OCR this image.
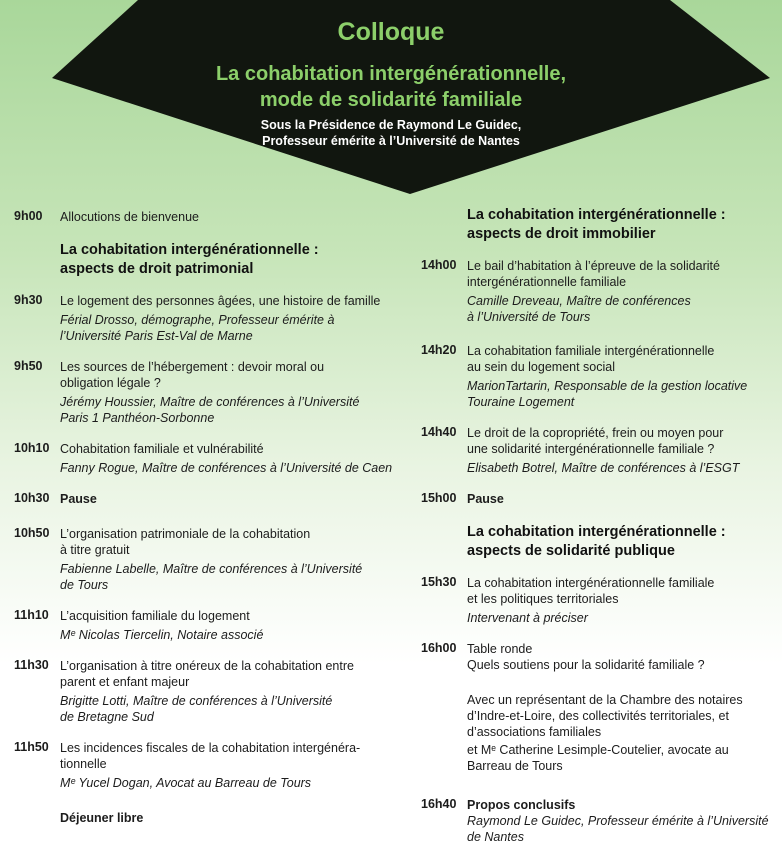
Colloque
La cohabitation intergénérationnelle,
mode de solidarité familiale
Sous la Présidence de Raymond Le Guidec,
Professeur émérite à l’Université de Nantes
9h00 Allocutions de bienvenue
La cohabitation intergénérationnelle :
aspects de droit patrimonial
9h30 Le logement des personnes âgées, une histoire de famille
Férial Drosso, démographe, Professeur émérite à
l’Université Paris Est-Val de Marne
9h50 Les sources de l’hébergement : devoir moral ou
obligation légale ?
Jérémy Houssier, Maître de conférences à l’Université
Paris 1 Panthéon-Sorbonne
10h10 Cohabitation familiale et vulnérabilité
Fanny Rogue, Maître de conférences à l’Université de Caen
10h30 Pause
10h50 L’organisation patrimoniale de la cohabitation
à titre gratuit
Fabienne Labelle, Maître de conférences à l’Université
de Tours
11h10 L’acquisition familiale du logement
Mᵉ Nicolas Tiercelin, Notaire associé
11h30 L’organisation à titre onéreux de la cohabitation entre
parent et enfant majeur
Brigitte Lotti, Maître de conférences à l’Université
de Bretagne Sud
11h50 Les incidences fiscales de la cohabitation intergénéra-
tionnelle
Mᵉ Yucel Dogan, Avocat au Barreau de Tours
Déjeuner libre
La cohabitation intergénérationnelle :
aspects de droit immobilier
14h00 Le bail d’habitation à l’épreuve de la solidarité
intergénérationnelle familiale
Camille Dreveau, Maître de conférences
à l’Université de Tours
14h20 La cohabitation familiale intergénérationnelle
au sein du logement social
MarionTartarin, Responsable de la gestion locative
Touraine Logement
14h40 Le droit de la copropriété, frein ou moyen pour
une solidarité intergénérationnelle familiale ?
Elisabeth Botrel, Maître de conférences à l’ESGT
15h00 Pause
La cohabitation intergénérationnelle :
aspects de solidarité publique
15h30 La cohabitation intergénérationnelle familiale
et les politiques territoriales
Intervenant à préciser
16h00 Table ronde
Quels soutiens pour la solidarité familiale ?
Avec un représentant de la Chambre des notaires
d’Indre-et-Loire, des collectivités territoriales, et
d’associations familiales
et Mᵉ Catherine Lesimple-Coutelier, avocate au
Barreau de Tours
16h40 Propos conclusifs
Raymond Le Guidec, Professeur émérite à l’Université
de Nantes
